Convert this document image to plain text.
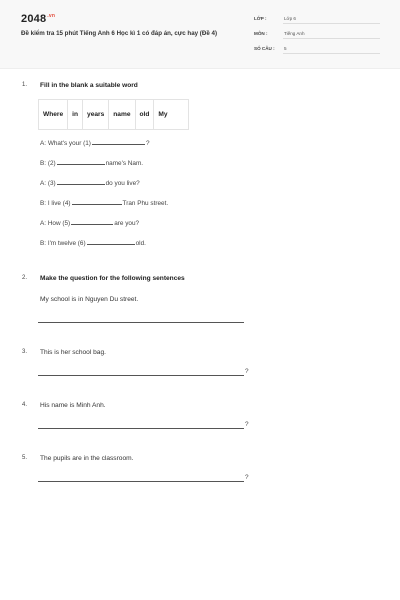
$2048^{.vn}$
Đề kiểm tra 15 phút Tiếng Anh 6 Học kì 1 có đáp án, cực hay (Đề 4)
LỚP :	Lớp 6
MÔN :	Tiếng Anh
SỐ CÂU : 5
1. Fill in the blank a suitable word
Where	in	years	name	old	My
A: What's your (1)	?
B: (2)	name's Nam.
A: (3)	do you live?
B: I live (4)	Tran Phu street.
A: How (5)	are you?
B: I'm twelve (6)	old.
2. Make the question for the following sentences
My school is in Nguyen Du street.
3. This is her school bag.
?
4. His name is Minh Anh.
?
5. The pupils are in the classroom.
?
